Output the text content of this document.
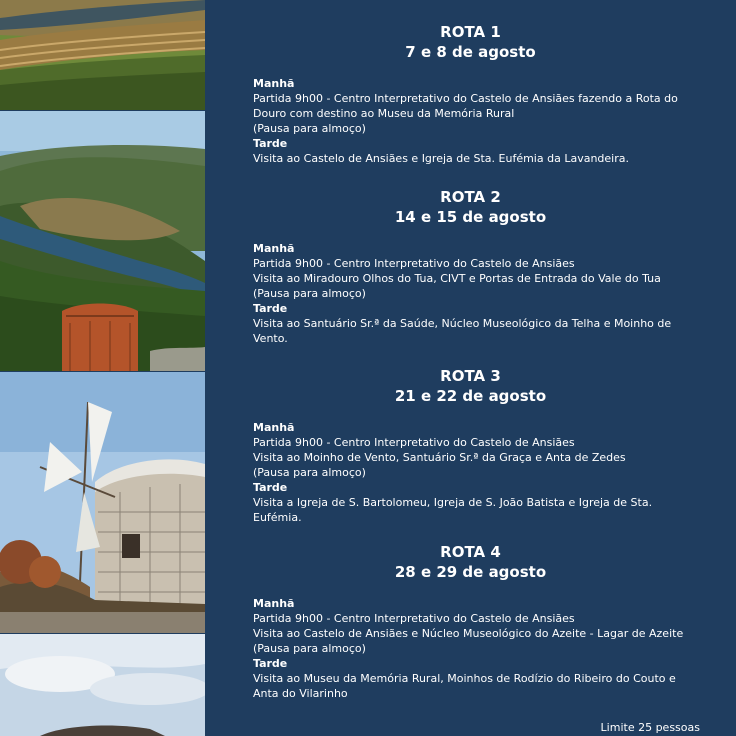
ROTA 1
7 e 8 de agosto
Manhã
Partida 9h00 - Centro Interpretativo do Castelo de Ansiães fazendo a Rota do
Douro com destino ao Museu da Memória Rural
(Pausa para almoço)
Tarde
Visita ao Castelo de Ansiães e Igreja de Sta. Eufémia da Lavandeira.
ROTA 2
14 e 15 de agosto
Manhã
Partida 9h00 - Centro Interpretativo do Castelo de Ansiães
Visita ao Miradouro Olhos do Tua, CIVT e Portas de Entrada do Vale do Tua
(Pausa para almoço)
Tarde
Visita ao Santuário Sr.ª da Saúde, Núcleo Museológico da Telha e Moinho de
Vento.
ROTA 3
21 e 22 de agosto
Manhã
Partida 9h00 - Centro Interpretativo do Castelo de Ansiães
Visita ao Moinho de Vento, Santuário Sr.ª da Graça e Anta de Zedes
(Pausa para almoço)
Tarde
Visita a Igreja de S. Bartolomeu, Igreja de S. João Batista e Igreja de Sta.
Eufémia.
ROTA 4
28 e 29 de agosto
Manhã
Partida 9h00 - Centro Interpretativo do Castelo de Ansiães
Visita ao Castelo de Ansiães e Núcleo Museológico do Azeite - Lagar de Azeite
(Pausa para almoço)
Tarde
Visita ao Museu da Memória Rural, Moinhos de Rodízio do Ribeiro do Couto e
Anta do Vilarinho
Limite 25 pessoas
